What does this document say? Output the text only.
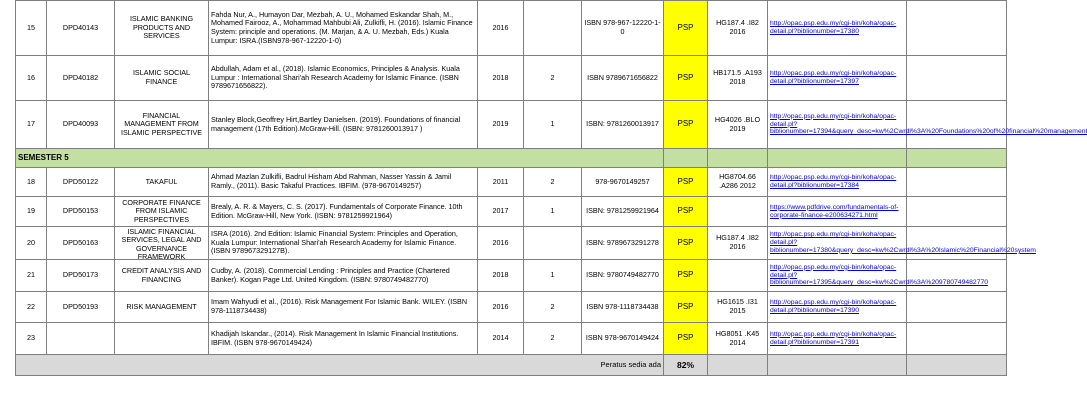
15	DPD40143	ISLAMIC BANKING PRODUCTS AND SERVICES	Fahda Nur, A., Humayon Dar, Mezbah, A. U., Mohamed Eskandar Shah, M., Mohamed Fairooz, A., Mohammad Mahbubi Ali, Zulkifli, H. (2016). Islamic Finance System: principle and operations. (M. Marjan, & A. U. Mezbah, Eds.) Kuala Lumpur: ISRA.(ISBN978-967-12220-1-0)	2016		ISBN 978-967-12220-1-0	PSP	HG187.4 .I82 2016	http://opac.psp.edu.my/cgi-bin/koha/opac-detail.pl?biblionumber=17380	

16	DPD40182	ISLAMIC SOCIAL FINANCE	Abdullah, Adam et al., (2018). Islamic Economics, Principles & Analysis. Kuala Lumpur : International Shari'ah Research Academy for Islamic Finance. (ISBN 9789671656822).	2018	2	ISBN 9789671656822	PSP	HB171.5 .A193 2018	http://opac.psp.edu.my/cgi-bin/koha/opac-detail.pl?biblionumber=17397	

17	DPD40093	FINANCIAL MANAGEMENT FROM ISLAMIC PERSPECTIVE	Stanley Block,Geoffrey Hirt,Bartley Danielsen. (2019). Foundations of financial management (17th Edition).McGraw-Hill. (ISBN: 9781260013917 )	2019	1	ISBN: 9781260013917	PSP	HG4026 .BLO 2019	http://opac.psp.edu.my/cgi-bin/koha/opac-detail.pl?biblionumber=17394&query_desc=kw%2Cwrdl%3A%20Foundations%20of%20financial%20management	

SEMESTER 5										

18	DPD50122	TAKAFUL	Ahmad Mazlan Zulkifli, Badrul Hisham Abd Rahman, Nasser Yassin & Jamil Ramly., (2011). Basic Takaful Practices. IBFIM. (978-9670149257)	2011	2	978-9670149257	PSP	HG8704.66 .A286 2012	http://opac.psp.edu.my/cgi-bin/koha/opac-detail.pl?biblionumber=17384	

19	DPD50153	CORPORATE FINANCE FROM ISLAMIC PERSPECTIVES	Brealy, A. R. & Mayers, C. S. (2017). Fundamentals of Corporate Finance. 10th Edition. McGraw-Hill, New York. (ISBN: 9781259921964)	2017	1	ISBN: 9781259921964	PSP		https://www.pdfdrive.com/fundamentals-of-corporate-finance-e200634271.html	

20	DPD50163	ISLAMIC FINANCIAL SERVICES, LEGAL AND GOVERNANCE FRAMEWORK	ISRA (2016). 2nd Edition: Islamic Financial System: Principles and Operation, Kuala Lumpur: International Shari'ah Research Academy for Islamic Finance. (ISBN 978967329127B).	2016		ISBN: 9789673291278	PSP	HG187.4 .I82 2016	http://opac.psp.edu.my/cgi-bin/koha/opac-detail.pl?biblionumber=17380&query_desc=kw%2Cwrdl%3A%20Islamic%20Financial%20system	

21	DPD50173	CREDIT ANALYSIS AND FINANCING	Cudby, A. (2018). Commercial Lending : Principles and Practice (Chartered Banker). Kogan Page Ltd. United Kingdom. (ISBN: 9780749482770)	2018	1	ISBN: 9780749482770	PSP		http://opac.psp.edu.my/cgi-bin/koha/opac-detail.pl?biblionumber=17395&query_desc=kw%2Cwrdl%3A%209780749482770	

22	DPD50193	RISK MANAGEMENT	Imam Wahyudi et al., (2016). Risk Management For Islamic Bank. WILEY. (ISBN 978-1118734438)	2016	2	ISBN 978-1118734438	PSP	HG1615 .I31 2015	http://opac.psp.edu.my/cgi-bin/koha/opac-detail.pl?biblionumber=17390	

23			Khadijah Iskandar., (2014). Risk Management In Islamic Financial Institutions. IBFIM. (ISBN 978-9670149424)	2014	2	ISBN 978-9670149424	PSP	HG8051 .K45 2014	http://opac.psp.edu.my/cgi-bin/koha/opac-detail.pl?biblionumber=17391	

Peratus sedia ada							82%			
